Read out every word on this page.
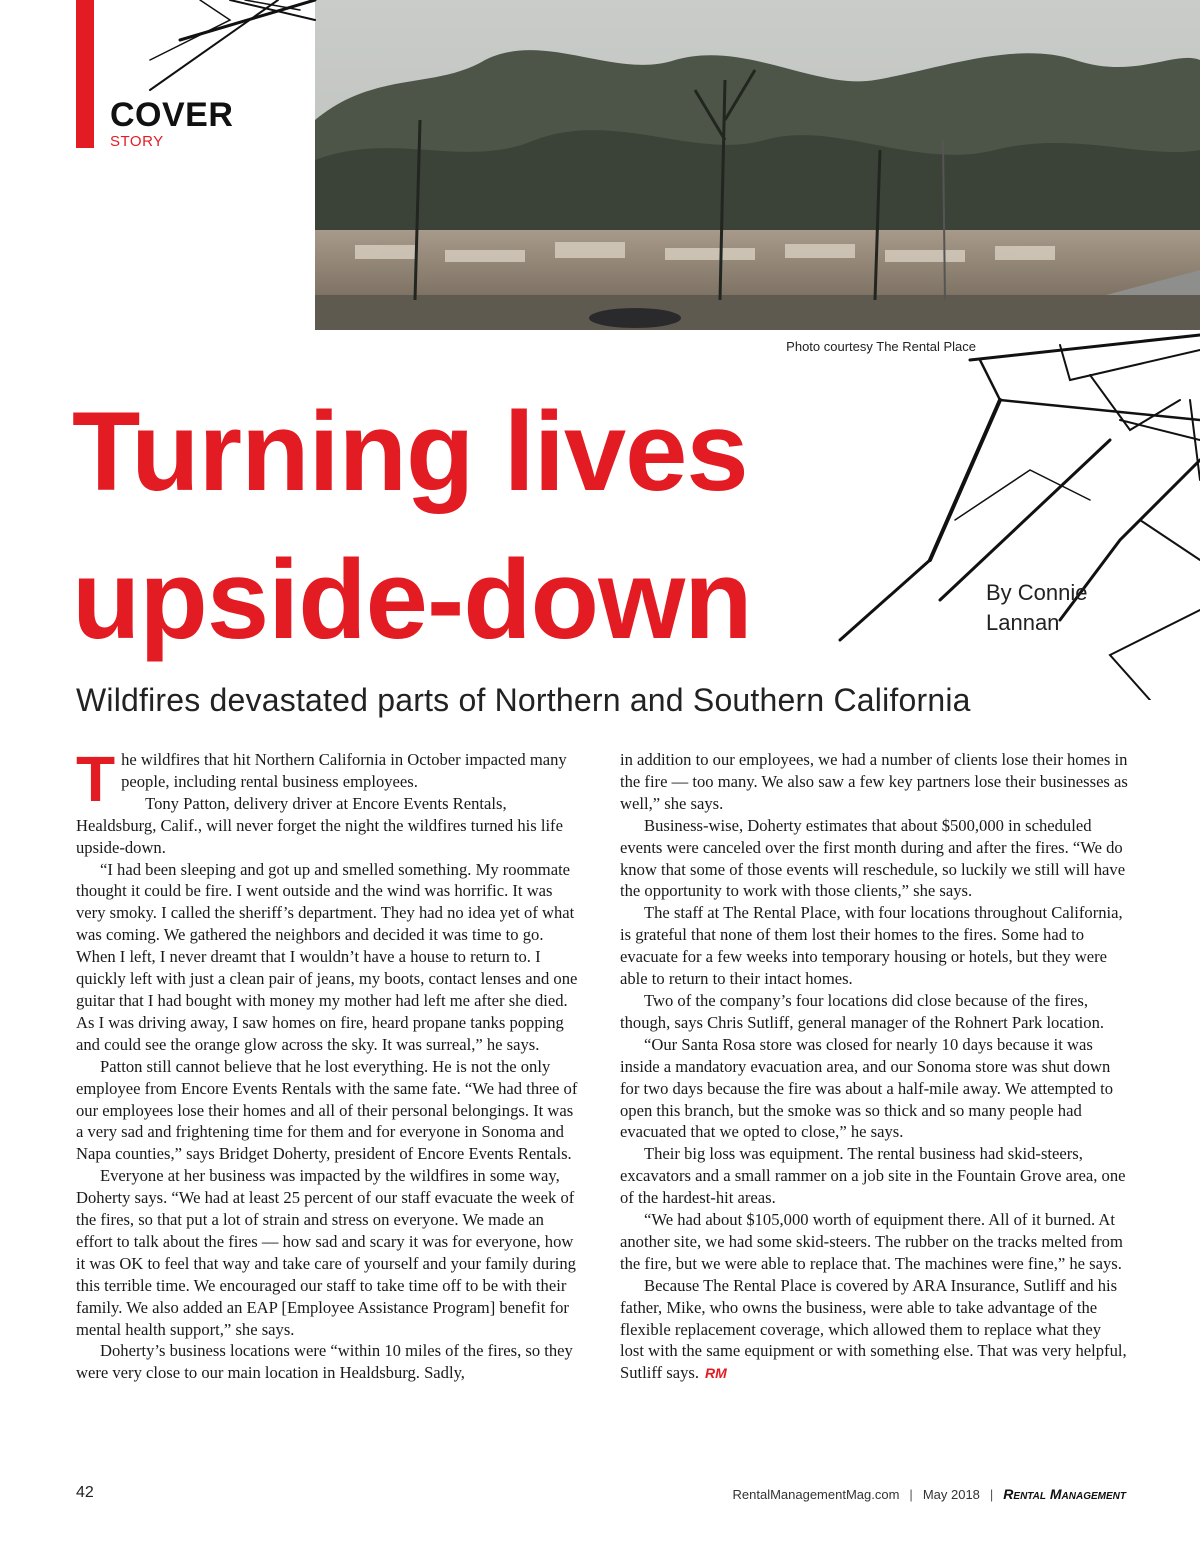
COVER
STORY
Photo courtesy The Rental Place
Turning lives
upside-down	By Connie
Lannan
Wildfires devastated parts of Northern and Southern California
T he wildfires that hit Northern California in October impacted many people, including rental business employees.

Tony Patton, delivery driver at Encore Events Rentals, Healdsburg, Calif., will never forget the night the wildfires turned his life upside-down.

“I had been sleeping and got up and smelled something. My roommate thought it could be fire. I went outside and the wind was horrific. It was very smoky. I called the sheriff’s department. They had no idea yet of what was coming. We gathered the neighbors and decided it was time to go. When I left, I never dreamt that I wouldn’t have a house to return to. I quickly left with just a clean pair of jeans, my boots, contact lenses and one guitar that I had bought with money my mother had left me after she died. As I was driving away, I saw homes on fire, heard propane tanks popping and could see the orange glow across the sky. It was surreal,” he says.

Patton still cannot believe that he lost everything. He is not the only employee from Encore Events Rentals with the same fate. “We had three of our employees lose their homes and all of their personal belongings. It was a very sad and frightening time for them and for everyone in Sonoma and Napa counties,” says Bridget Doherty, president of Encore Events Rentals.

Everyone at her business was impacted by the wildfires in some way, Doherty says. “We had at least 25 percent of our staff evacuate the week of the fires, so that put a lot of strain and stress on everyone. We made an effort to talk about the fires — how sad and scary it was for everyone, how it was OK to feel that way and take care of yourself and your family during this terrible time. We encouraged our staff to take time off to be with their family. We also added an EAP [Employee Assistance Program] benefit for mental health support,” she says.

Doherty’s business locations were “within 10 miles of the fires, so they were very close to our main location in Healdsburg. Sadly,

in addition to our employees, we had a number of clients lose their homes in the fire — too many. We also saw a few key partners lose their businesses as well,” she says.

Business-wise, Doherty estimates that about $500,000 in scheduled events were canceled over the first month during and after the fires. “We do know that some of those events will reschedule, so luckily we still will have the opportunity to work with those clients,” she says.

The staff at The Rental Place, with four locations throughout California, is grateful that none of them lost their homes to the fires. Some had to evacuate for a few weeks into temporary housing or hotels, but they were able to return to their intact homes.

Two of the company’s four locations did close because of the fires, though, says Chris Sutliff, general manager of the Rohnert Park location.

“Our Santa Rosa store was closed for nearly 10 days because it was inside a mandatory evacuation area, and our Sonoma store was shut down for two days because the fire was about a half-mile away. We attempted to open this branch, but the smoke was so thick and so many people had evacuated that we opted to close,” he says.

Their big loss was equipment. The rental business had skid-steers, excavators and a small rammer on a job site in the Fountain Grove area, one of the hardest-hit areas.

“We had about $105,000 worth of equipment there. All of it burned. At another site, we had some skid-steers. The rubber on the tracks melted from the fire, but we were able to replace that. The machines were fine,” he says.

Because The Rental Place is covered by ARA Insurance, Sutliff and his father, Mike, who owns the business, were able to take advantage of the flexible replacement coverage, which allowed them to replace what they lost with the same equipment or with something else. That was very helpful, Sutliff says. RM

42	RentalManagementMag.com | May 2018 | Rental Management
